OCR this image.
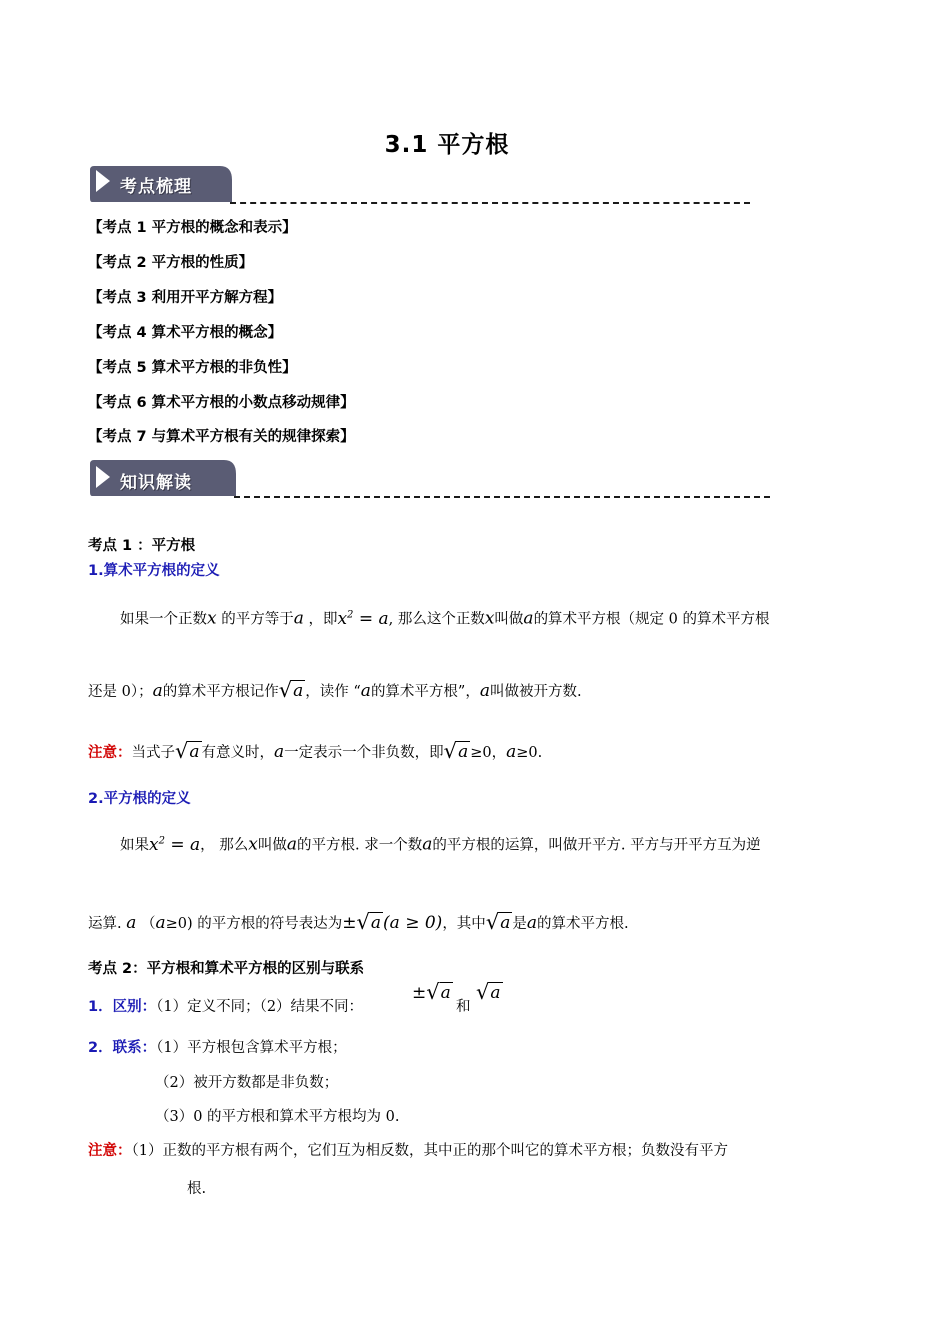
3.1 平方根
考点梳理
【考点 1 平方根的概念和表示】
【考点 2 平方根的性质】
【考点 3 利用开平方解方程】
【考点 4 算术平方根的概念】
【考点 5 算术平方根的非负性】
【考点 6 算术平方根的小数点移动规律】
【考点 7 与算术平方根有关的规律探索】
知识解读
考点 1 ：平方根
1.算术平方根的定义
如果一个正数x 的平方等于a ，即$x^2 = a$, 那么这个正数x叫做a的算术平方根（规定 0 的算术平方根
还是 0）；a的算术平方根记作√a ，读作 “a的算术平方根”，a叫做被开方数.
注意：当式子√a 有意义时，a一定表示一个非负数，即√a ≥0，a≥0.
2.平方根的定义
如果$x^2 = a$， 那么x叫做a的平方根. 求一个数a的平方根的运算，叫做开平方. 平方与开平方互为逆
运算. a （a≥0) 的平方根的符号表达为±√a (a ≥ 0)，其中√a 是a的算术平方根.
考点 2：平方根和算术平方根的区别与联系
1．区别：（1）定义不同；（2）结果不同：
±√a
和
√a
2．联系：（1）平方根包含算术平方根；
（2）被开方数都是非负数；
（3）0 的平方根和算术平方根均为 0.
注意：（1）正数的平方根有两个，它们互为相反数，其中正的那个叫它的算术平方根；负数没有平方
根.
